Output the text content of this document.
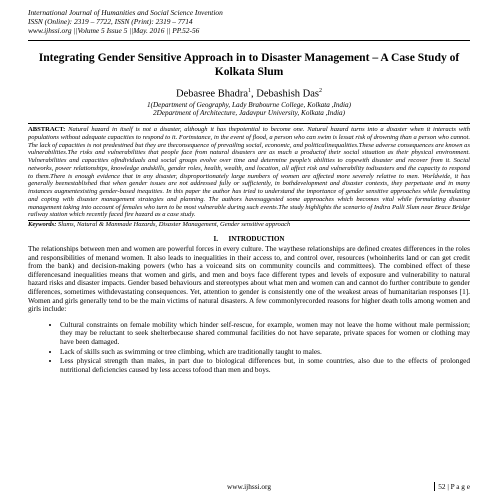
International Journal of Humanities and Social Science Invention
ISSN (Online): 2319 – 7722, ISSN (Print): 2319 – 7714
www.ijhssi.org ||Volume 5 Issue 5 ||May. 2016 || PP.52-56
Integrating Gender Sensitive Approach in to Disaster Management – A Case Study of Kolkata Slum
Debasree Bhadra$^1$, Debashish Das$^2$
1(Department of Geography, Lady Brabourne College, Kolkata ,India)
2Department of Architecture, Jadavpur University, Kolkata ,India)
ABSTRACT: Natural hazard in itself is not a disaster, although it has thepotential to become one. Natural hazard turns into a disaster when it interacts with populations without adequate capacities to respond to it. Forinstance, in the event of flood, a person who can swim is lessat risk of drowning than a person who cannot. The lack of capacities is not predestined but they are theconsequence of prevailing social, economic, and politicalinequalities.These adverse consequences are known as vulnerabilities.The risks and vulnerabilities that people face from natural disasters are as much a productof their social situation as their physical environment. Vulnerabilities and capacities ofindividuals and social groups evolve over time and determine people’s abilities to copewith disaster and recover from it. Social networks, power relationships, knowledge andskills, gender roles, health, wealth, and location, all affect risk and vulnerability todisasters and the capacity to respond to them.There is enough evidence that in any disaster, disproportionately large numbers of women are affected more severely relative to men. Worldwide, it has generally beenestablished that when gender issues are not addressed fully or sufficiently, in bothdevelopment and disaster contexts, they perpetuate and in many instances augmentexisting gender-based inequities. In this paper the author has tried to understand the importance of gender sensitive approaches while formulating and coping with disaster management strategies and planning. The authors havesuggested some approaches which becomes vital while formulating disaster management taking into account of females who turn to be most vulnerable during such events.The study highlights the scenario of Indira Palli Slum near Brace Bridge railway station which recently faced fire hazard as a case study.
Keywords: Slums, Natural & Manmade Hazards, Disaster Management, Gender sensitive approach
I.      INTRODUCTION
The relationships between men and women are powerful forces in every culture. The waythese relationships are defined creates differences in the roles and responsibilities of menand women. It also leads to inequalities in their access to, and control over, resources (whoinherits land or can get credit from the bank) and decision-making powers (who has a voiceand sits on community councils and committees). The combined effect of these differencesand inequalities means that women and girls, and men and boys face different types and levels of exposure and vulnerability to natural hazard risks and disaster impacts. Gender based behaviours and stereotypes about what men and women can and cannot do further contribute to gender differences, sometimes withdevastating consequences. Yet, attention to gender is consistently one of the weakest areas of humanitarian responses [1]. Women and girls generally tend to be the main victims of natural disasters. A few commonlyrecorded reasons for higher death tolls among women and girls include:
• Cultural constraints on female mobility which hinder self-rescue, for example, women may not leave the home without male permission; they may be reluctant to seek shelterbecause shared communal facilities do not have separate, private spaces for women or clothing may have been damaged.
• Lack of skills such as swimming or tree climbing, which are traditionally taught to males.
• Less physical strength than males, in part due to biological differences but, in some countries, also due to the effects of prolonged nutritional deficiencies caused by less access tofood than men and boys.
www.ijhssi.org	52 | P a g e
